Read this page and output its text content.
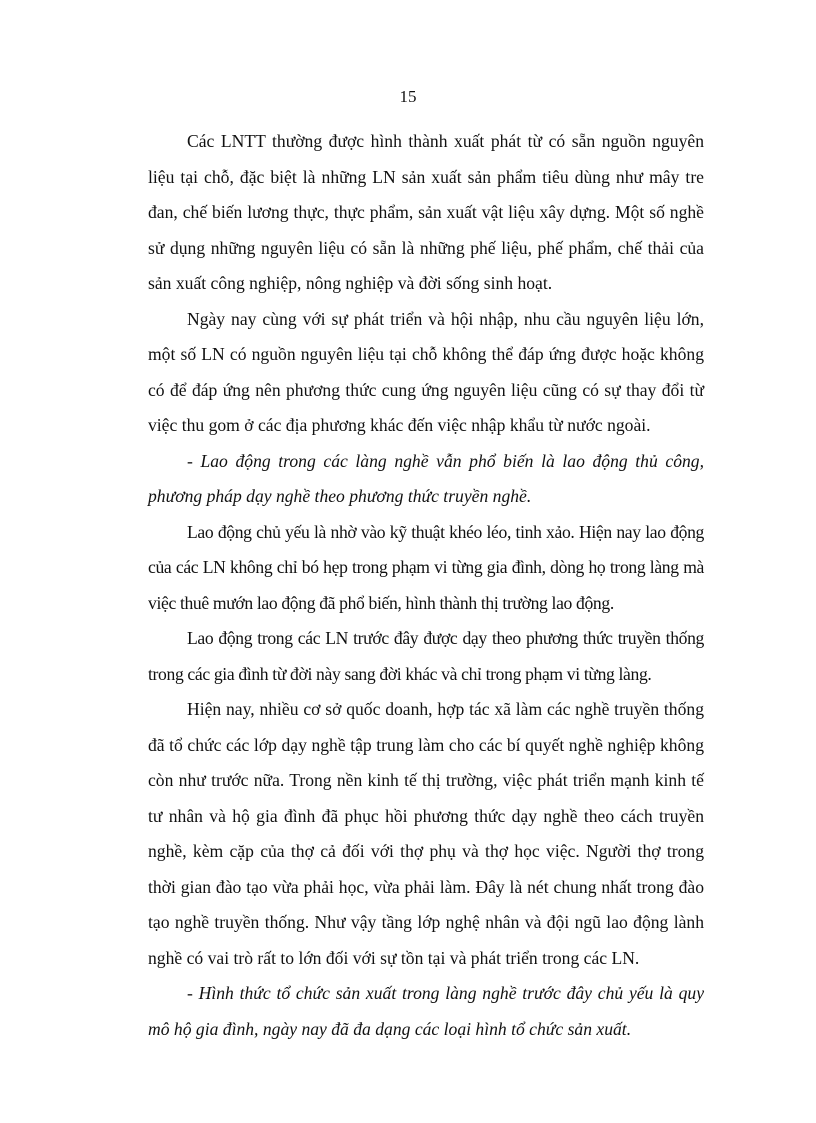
15

Các LNTT thường được hình thành xuất phát từ có sẵn nguồn nguyên liệu tại chỗ, đặc biệt là những LN sản xuất sản phẩm tiêu dùng như mây tre đan, chế biến lương thực, thực phẩm, sản xuất vật liệu xây dựng. Một số nghề sử dụng những nguyên liệu có sẵn là những phế liệu, phế phẩm, chế thải của sản xuất công nghiệp, nông nghiệp và đời sống sinh hoạt.

Ngày nay cùng với sự phát triển và hội nhập, nhu cầu nguyên liệu lớn, một số LN có nguồn nguyên liệu tại chỗ không thể đáp ứng được hoặc không có để đáp ứng nên phương thức cung ứng nguyên liệu cũng có sự thay đổi từ việc thu gom ở các địa phương khác đến việc nhập khẩu từ nước ngoài.

- Lao động trong các làng nghề vẫn phổ biến là lao động thủ công, phương pháp dạy nghề theo phương thức truyền nghề.

Lao động chủ yếu là nhờ vào kỹ thuật khéo léo, tinh xảo. Hiện nay lao động của các LN không chỉ bó hẹp trong phạm vi từng gia đình, dòng họ trong làng mà việc thuê mướn lao động đã phổ biến, hình thành thị trường lao động.

Lao động trong các LN trước đây được dạy theo phương thức truyền thống trong các gia đình từ đời này sang đời khác và chỉ trong phạm vi từng làng.

Hiện nay, nhiều cơ sở quốc doanh, hợp tác xã làm các nghề truyền thống đã tổ chức các lớp dạy nghề tập trung làm cho các bí quyết nghề nghiệp không còn như trước nữa. Trong nền kinh tế thị trường, việc phát triển mạnh kinh tế tư nhân và hộ gia đình đã phục hồi phương thức dạy nghề theo cách truyền nghề, kèm cặp của thợ cả đối với thợ phụ và thợ học việc. Người thợ trong thời gian đào tạo vừa phải học, vừa phải làm. Đây là nét chung nhất trong đào tạo nghề truyền thống. Như vậy tầng lớp nghệ nhân và đội ngũ lao động lành nghề có vai trò rất to lớn đối với sự tồn tại và phát triển trong các LN.

- Hình thức tổ chức sản xuất trong làng nghề trước đây chủ yếu là quy mô hộ gia đình, ngày nay đã đa dạng các loại hình tổ chức sản xuất.
